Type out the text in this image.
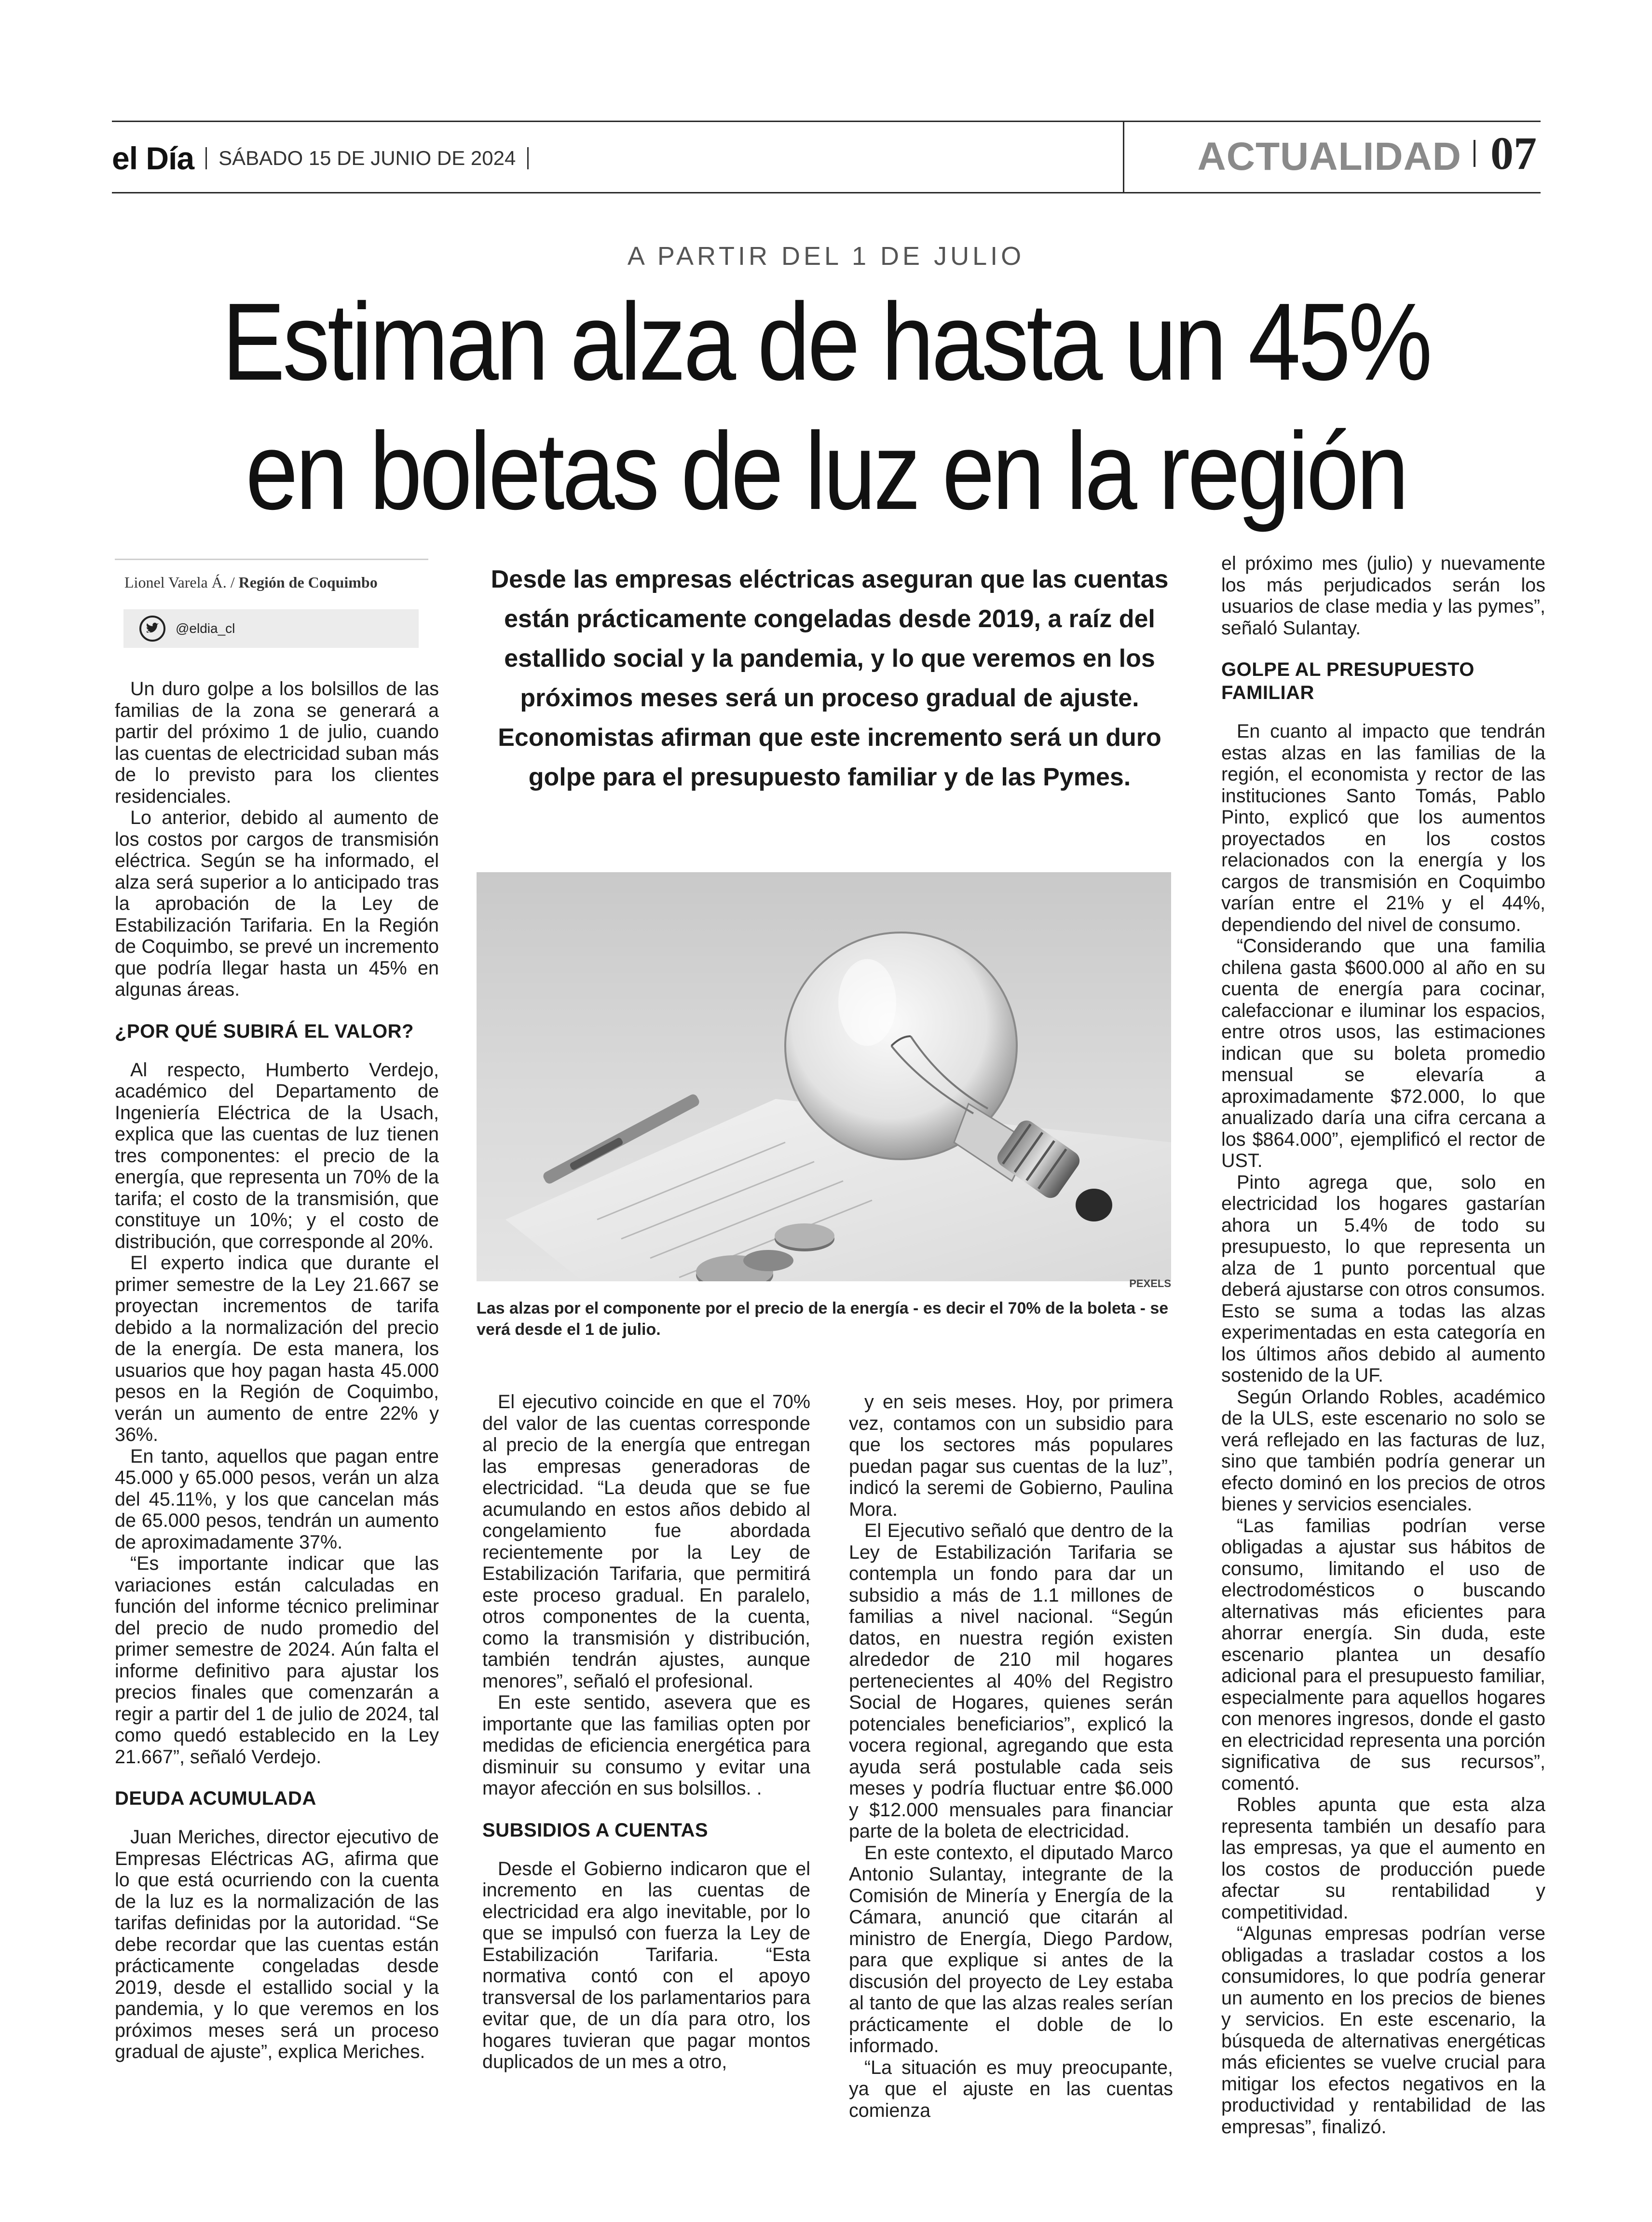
el Día SÁBADO 15 DE JUNIO DE 2024	ACTUALIDAD 07
A PARTIR DEL 1 DE JULIO
Estiman alza de hasta un 45%
en boletas de luz en la región
Lionel Varela Á. / Región de Coquimbo
@eldia_cl

Desde las empresas eléctricas aseguran que las cuentas están prácticamente congeladas desde 2019, a raíz del estallido social y la pandemia, y lo que veremos en los próximos meses será un proceso gradual de ajuste. Economistas afirman que este incremento será un duro golpe para el presupuesto familiar y de las Pymes.

PEXELS

Las alzas por el componente por el precio de la energía - es decir el 70% de la boleta - se verá desde el 1 de julio.

Un duro golpe a los bolsillos de las familias de la zona se generará a partir del próximo 1 de julio, cuando las cuentas de electricidad suban más de lo previsto para los clientes residenciales.

Lo anterior, debido al aumento de los costos por cargos de transmisión eléctrica. Según se ha informado, el alza será superior a lo anticipado tras la aprobación de la Ley de Estabilización Tarifaria. En la Región de Coquimbo, se prevé un incremento que podría llegar hasta un 45% en algunas áreas.

¿POR QUÉ SUBIRÁ EL VALOR?

Al respecto, Humberto Verdejo, académico del Departamento de Ingeniería Eléctrica de la Usach, explica que las cuentas de luz tienen tres componentes: el precio de la energía, que representa un 70% de la tarifa; el costo de la transmisión, que constituye un 10%; y el costo de distribución, que corresponde al 20%.

El experto indica que durante el primer semestre de la Ley 21.667 se proyectan incrementos de tarifa debido a la normalización del precio de la energía. De esta manera, los usuarios que hoy pagan hasta 45.000 pesos en la Región de Coquimbo, verán un aumento de entre 22% y 36%.

En tanto, aquellos que pagan entre 45.000 y 65.000 pesos, verán un alza del 45.11%, y los que cancelan más de 65.000 pesos, tendrán un aumento de aproximadamente 37%.

“Es importante indicar que las variaciones están calculadas en función del informe técnico preliminar del precio de nudo promedio del primer semestre de 2024. Aún falta el informe definitivo para ajustar los precios finales que comenzarán a regir a partir del 1 de julio de 2024, tal como quedó establecido en la Ley 21.667”, señaló Verdejo.

DEUDA ACUMULADA

Juan Meriches, director ejecutivo de Empresas Eléctricas AG, afirma que lo que está ocurriendo con la cuenta de la luz es la normalización de las tarifas definidas por la autoridad. “Se debe recordar que las cuentas están prácticamente congeladas desde 2019, desde el estallido social y la pandemia, y lo que veremos en los próximos meses será un proceso gradual de ajuste”, explica Meriches.

El ejecutivo coincide en que el 70% del valor de las cuentas corresponde al precio de la energía que entregan las empresas generadoras de electricidad. “La deuda que se fue acumulando en estos años debido al congelamiento fue abordada recientemente por la Ley de Estabilización Tarifaria, que permitirá este proceso gradual. En paralelo, otros componentes de la cuenta, como la transmisión y distribución, también tendrán ajustes, aunque menores”, señaló el profesional.

En este sentido, asevera que es importante que las familias opten por medidas de eficiencia energética para disminuir su consumo y evitar una mayor afección en sus bolsillos. .

SUBSIDIOS A CUENTAS

Desde el Gobierno indicaron que el incremento en las cuentas de electricidad era algo inevitable, por lo que se impulsó con fuerza la Ley de Estabilización Tarifaria. “Esta normativa contó con el apoyo transversal de los parlamentarios para evitar que, de un día para otro, los hogares tuvieran que pagar montos duplicados de un mes a otro,

y en seis meses. Hoy, por primera vez, contamos con un subsidio para que los sectores más populares puedan pagar sus cuentas de la luz”, indicó la seremi de Gobierno, Paulina Mora.

El Ejecutivo señaló que dentro de la Ley de Estabilización Tarifaria se contempla un fondo para dar un subsidio a más de 1.1 millones de familias a nivel nacional. “Según datos, en nuestra región existen alrededor de 210 mil hogares pertenecientes al 40% del Registro Social de Hogares, quienes serán potenciales beneficiarios”, explicó la vocera regional, agregando que esta ayuda será postulable cada seis meses y podría fluctuar entre $6.000 y $12.000 mensuales para financiar parte de la boleta de electricidad.

En este contexto, el diputado Marco Antonio Sulantay, integrante de la Comisión de Minería y Energía de la Cámara, anunció que citarán al ministro de Energía, Diego Pardow, para que explique si antes de la discusión del proyecto de Ley estaba al tanto de que las alzas reales serían prácticamente el doble de lo informado.

“La situación es muy preocupante, ya que el ajuste en las cuentas comienza

el próximo mes (julio) y nuevamente los más perjudicados serán los usuarios de clase media y las pymes”, señaló Sulantay.

GOLPE AL PRESUPUESTO FAMILIAR

En cuanto al impacto que tendrán estas alzas en las familias de la región, el economista y rector de las instituciones Santo Tomás, Pablo Pinto, explicó que los aumentos proyectados en los costos relacionados con la energía y los cargos de transmisión en Coquimbo varían entre el 21% y el 44%, dependiendo del nivel de consumo.

“Considerando que una familia chilena gasta $600.000 al año en su cuenta de energía para cocinar, calefaccionar e iluminar los espacios, entre otros usos, las estimaciones indican que su boleta promedio mensual se elevaría a aproximadamente $72.000, lo que anualizado daría una cifra cercana a los $864.000”, ejemplificó el rector de UST.

Pinto agrega que, solo en electricidad los hogares gastarían ahora un 5.4% de todo su presupuesto, lo que representa un alza de 1 punto porcentual que deberá ajustarse con otros consumos. Esto se suma a todas las alzas experimentadas en esta categoría en los últimos años debido al aumento sostenido de la UF.

Según Orlando Robles, académico de la ULS, este escenario no solo se verá reflejado en las facturas de luz, sino que también podría generar un efecto dominó en los precios de otros bienes y servicios esenciales.

“Las familias podrían verse obligadas a ajustar sus hábitos de consumo, limitando el uso de electrodomésticos o buscando alternativas más eficientes para ahorrar energía. Sin duda, este escenario plantea un desafío adicional para el presupuesto familiar, especialmente para aquellos hogares con menores ingresos, donde el gasto en electricidad representa una porción significativa de sus recursos”, comentó.

Robles apunta que esta alza representa también un desafío para las empresas, ya que el aumento en los costos de producción puede afectar su rentabilidad y competitividad.

“Algunas empresas podrían verse obligadas a trasladar costos a los consumidores, lo que podría generar un aumento en los precios de bienes y servicios. En este escenario, la búsqueda de alternativas energéticas más eficientes se vuelve crucial para mitigar los efectos negativos en la productividad y rentabilidad de las empresas”, finalizó.
